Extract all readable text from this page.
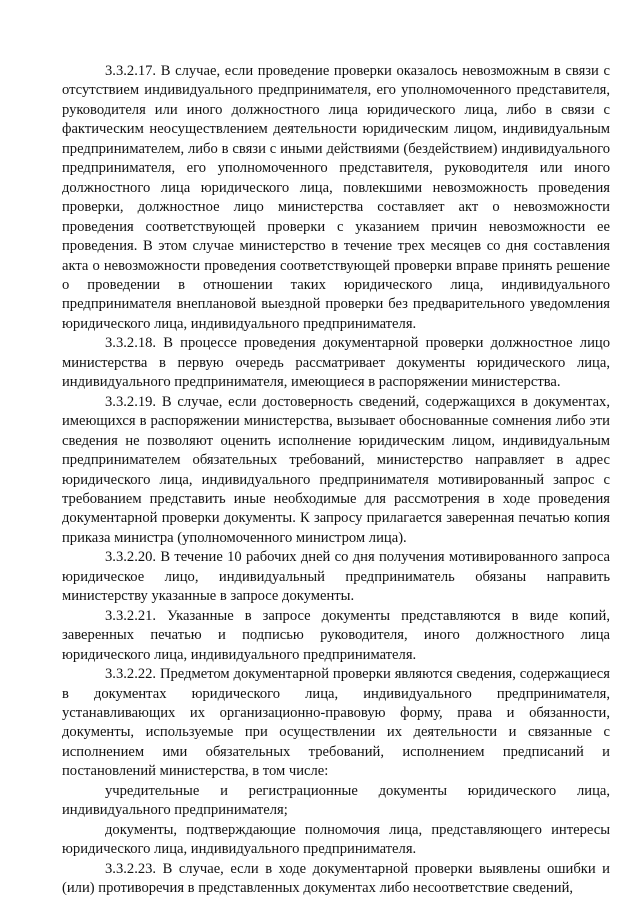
3.3.2.17. В случае, если проведение проверки оказалось невозможным в связи с отсутствием индивидуального предпринимателя, его уполномоченного представителя, руководителя или иного должностного лица юридического лица, либо в связи с фактическим неосуществлением деятельности юридическим лицом, индивидуальным предпринимателем, либо в связи с иными действиями (бездействием) индивидуального предпринимателя, его уполномоченного представителя, руководителя или иного должностного лица юридического лица, повлекшими невозможность проведения проверки, должностное лицо министерства составляет акт о невозможности проведения соответствующей проверки с указанием причин невозможности ее проведения. В этом случае министерство в течение трех месяцев со дня составления акта о невозможности проведения соответствующей проверки вправе принять решение о проведении в отношении таких юридического лица, индивидуального предпринимателя внеплановой выездной проверки без предварительного уведомления юридического лица, индивидуального предпринимателя.

3.3.2.18. В процессе проведения документарной проверки должностное лицо министерства в первую очередь рассматривает документы юридического лица, индивидуального предпринимателя, имеющиеся в распоряжении министерства.

3.3.2.19. В случае, если достоверность сведений, содержащихся в документах, имеющихся в распоряжении министерства, вызывает обоснованные сомнения либо эти сведения не позволяют оценить исполнение юридическим лицом, индивидуальным предпринимателем обязательных требований, министерство направляет в адрес юридического лица, индивидуального предпринимателя мотивированный запрос с требованием представить иные необходимые для рассмотрения в ходе проведения документарной проверки документы. К запросу прилагается заверенная печатью копия приказа министра (уполномоченного министром лица).

3.3.2.20. В течение 10 рабочих дней со дня получения мотивированного запроса юридическое лицо, индивидуальный предприниматель обязаны направить министерству указанные в запросе документы.

3.3.2.21. Указанные в запросе документы представляются в виде копий, заверенных печатью и подписью руководителя, иного должностного лица юридического лица, индивидуального предпринимателя.

3.3.2.22. Предметом документарной проверки являются сведения, содержащиеся в документах юридического лица, индивидуального предпринимателя, устанавливающих их организационно-правовую форму, права и обязанности, документы, используемые при осуществлении их деятельности и связанные с исполнением ими обязательных требований, исполнением предписаний и постановлений министерства, в том числе:

учредительные и регистрационные документы юридического лица, индивидуального предпринимателя;

документы, подтверждающие полномочия лица, представляющего интересы юридического лица, индивидуального предпринимателя.

3.3.2.23. В случае, если в ходе документарной проверки выявлены ошибки и (или) противоречия в представленных документах либо несоответствие сведений,
